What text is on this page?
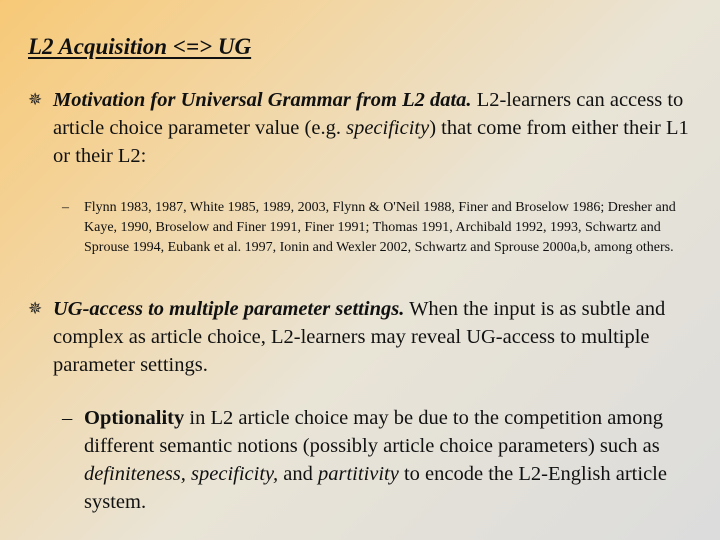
L2 Acquisition <=> UG
✵ Motivation for Universal Grammar from L2 data. L2-learners can access to article choice parameter value (e.g. specificity) that come from either their L1 or their L2:
– Flynn 1983, 1987, White 1985, 1989, 2003, Flynn & O'Neil 1988, Finer and Broselow 1986; Dresher and Kaye, 1990, Broselow and Finer 1991, Finer 1991; Thomas 1991, Archibald 1992, 1993, Schwartz and Sprouse 1994, Eubank et al. 1997, Ionin and Wexler 2002, Schwartz and Sprouse 2000a,b, among others.
✵ UG-access to multiple parameter settings. When the input is as subtle and complex as article choice, L2-learners may reveal UG-access to multiple parameter settings.
– Optionality in L2 article choice may be due to the competition among different semantic notions (possibly article choice parameters) such as definiteness, specificity, and partitivity to encode the L2-English article system.
